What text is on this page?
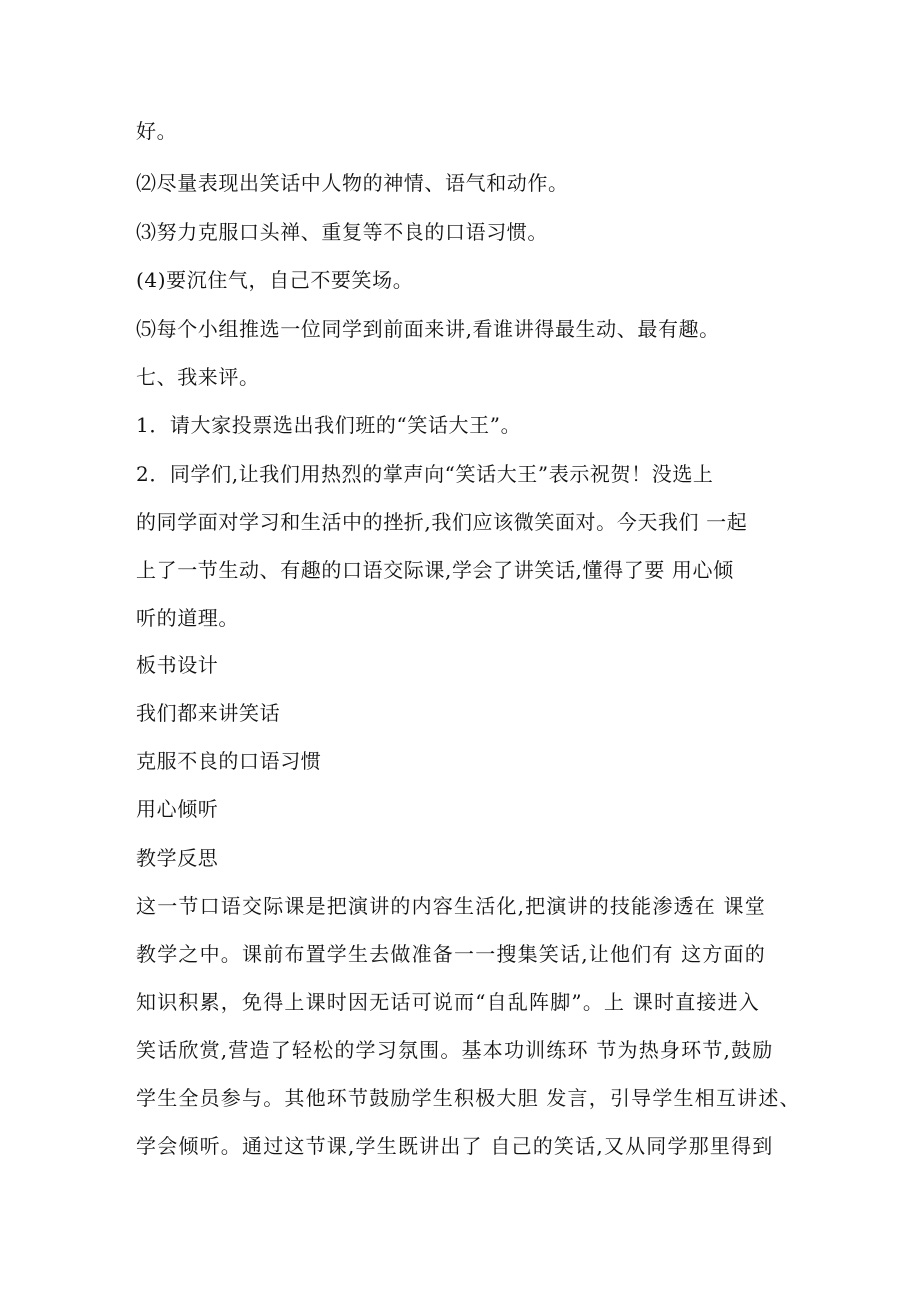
好。
⑵尽量表现出笑话中人物的神情、语气和动作。
⑶努力克服口头禅、重复等不良的口语习惯。
(4)要沉住气，自己不要笑场。
⑸每个小组推选一位同学到前面来讲,看谁讲得最生动、最有趣。
七、我来评。
1．请大家投票选出我们班的“笑话大王”。
2．同学们,让我们用热烈的掌声向“笑话大王”表示祝贺！没选上
的同学面对学习和生活中的挫折,我们应该微笑面对。今天我们 一起
上了一节生动、有趣的口语交际课,学会了讲笑话,懂得了要 用心倾
听的道理。
板书设计
我们都来讲笑话
克服不良的口语习惯
用心倾听
教学反思
这一节口语交际课是把演讲的内容生活化,把演讲的技能渗透在 课堂
教学之中。课前布置学生去做准备一一搜集笑话,让他们有 这方面的
知识积累，免得上课时因无话可说而“自乱阵脚”。上 课时直接进入
笑话欣赏,营造了轻松的学习氛围。基本功训练环 节为热身环节,鼓励
学生全员参与。其他环节鼓励学生积极大胆 发言，引导学生相互讲述、
学会倾听。通过这节课,学生既讲出了 自己的笑话,又从同学那里得到
